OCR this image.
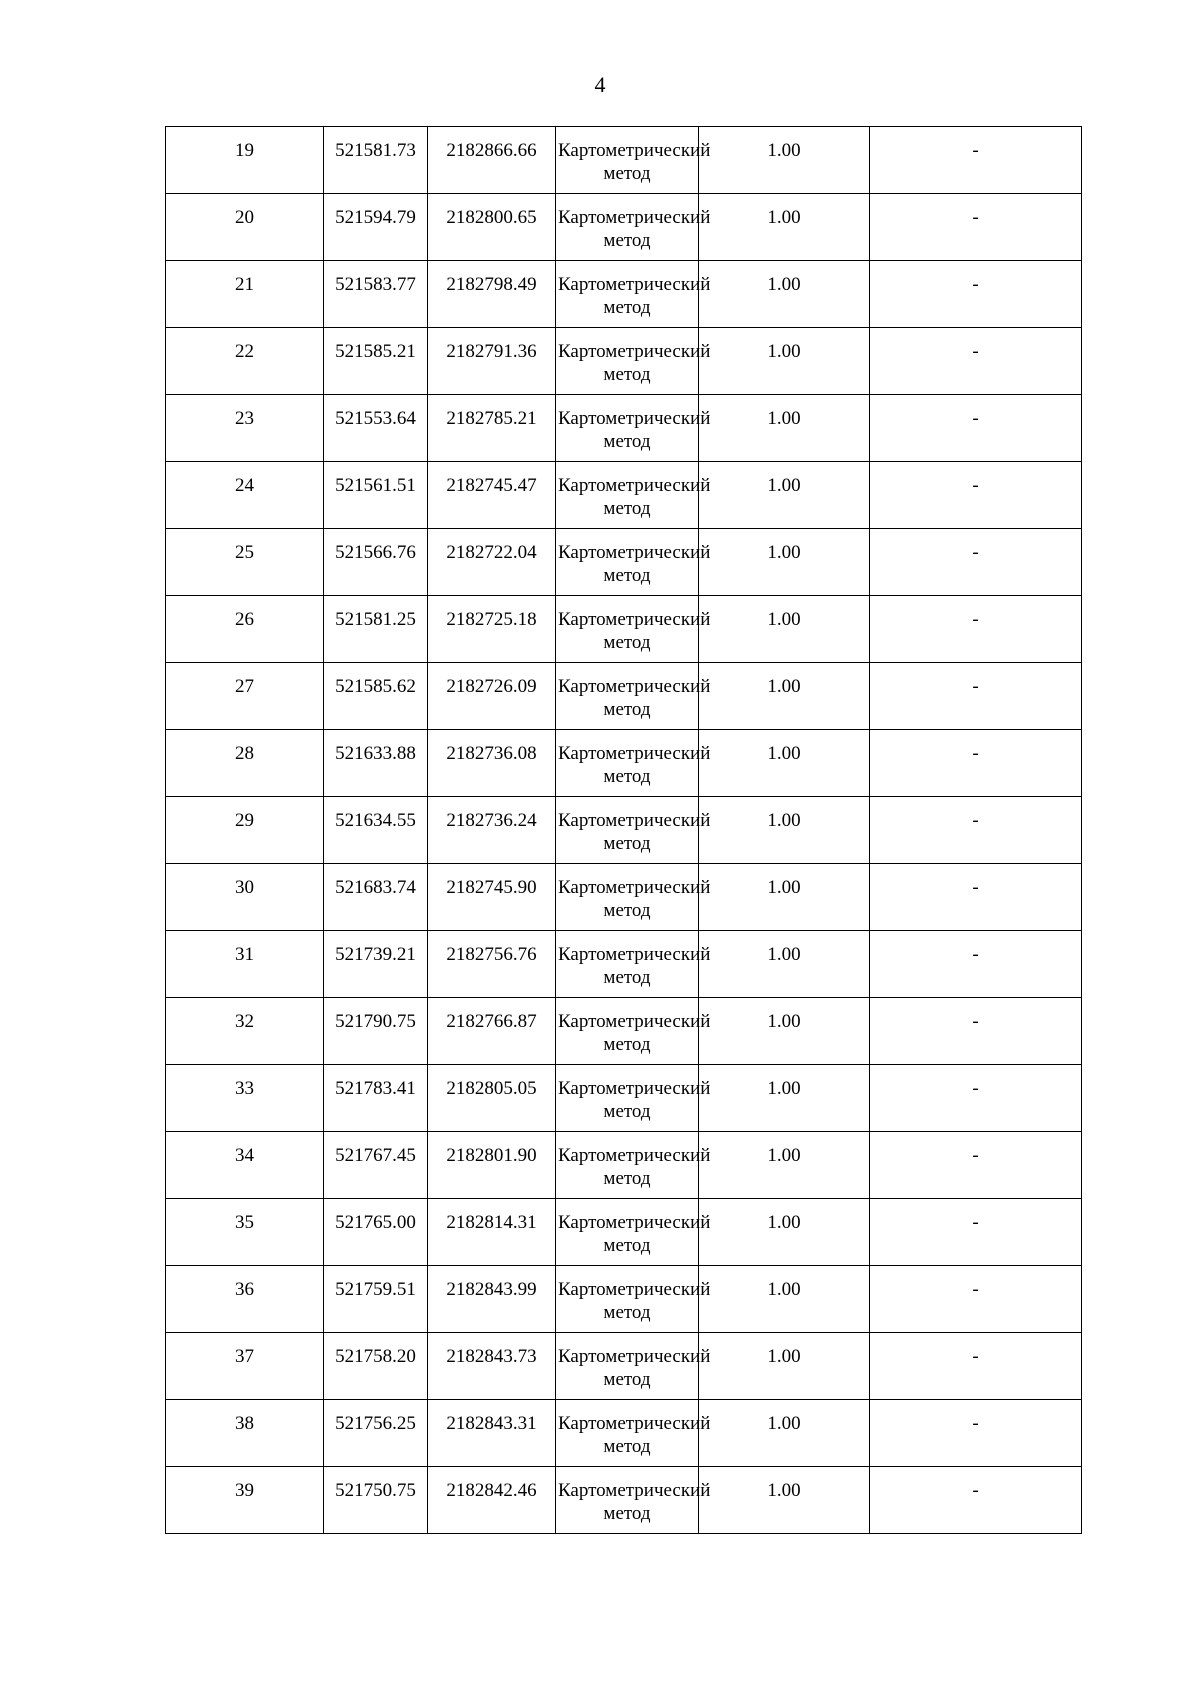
4
19	521581.73	2182866.66	Картометрический метод	1.00	-
20	521594.79	2182800.65	Картометрический метод	1.00	-
21	521583.77	2182798.49	Картометрический метод	1.00	-
22	521585.21	2182791.36	Картометрический метод	1.00	-
23	521553.64	2182785.21	Картометрический метод	1.00	-
24	521561.51	2182745.47	Картометрический метод	1.00	-
25	521566.76	2182722.04	Картометрический метод	1.00	-
26	521581.25	2182725.18	Картометрический метод	1.00	-
27	521585.62	2182726.09	Картометрический метод	1.00	-
28	521633.88	2182736.08	Картометрический метод	1.00	-
29	521634.55	2182736.24	Картометрический метод	1.00	-
30	521683.74	2182745.90	Картометрический метод	1.00	-
31	521739.21	2182756.76	Картометрический метод	1.00	-
32	521790.75	2182766.87	Картометрический метод	1.00	-
33	521783.41	2182805.05	Картометрический метод	1.00	-
34	521767.45	2182801.90	Картометрический метод	1.00	-
35	521765.00	2182814.31	Картометрический метод	1.00	-
36	521759.51	2182843.99	Картометрический метод	1.00	-
37	521758.20	2182843.73	Картометрический метод	1.00	-
38	521756.25	2182843.31	Картометрический метод	1.00	-
39	521750.75	2182842.46	Картометрический метод	1.00	-
